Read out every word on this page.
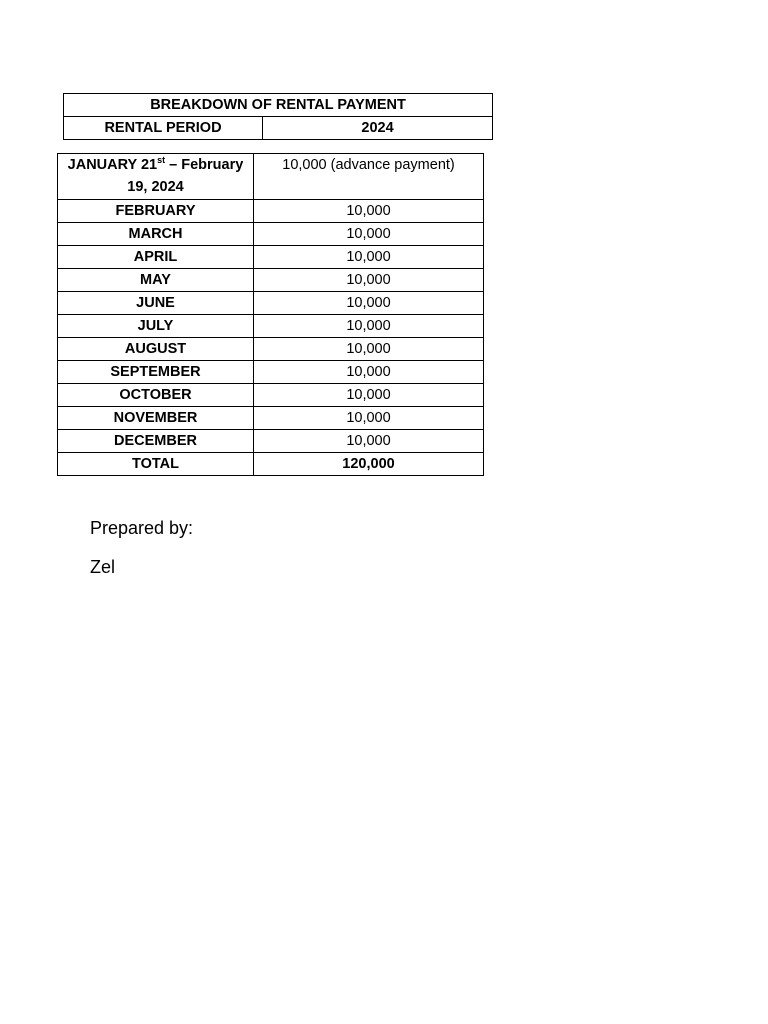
BREAKDOWN OF RENTAL PAYMENT
RENTAL PERIOD	2024
JANUARY 21st – February 19, 2024	10,000 (advance payment)
FEBRUARY	10,000
MARCH	10,000
APRIL	10,000
MAY	10,000
JUNE	10,000
JULY	10,000
AUGUST	10,000
SEPTEMBER	10,000
OCTOBER	10,000
NOVEMBER	10,000
DECEMBER	10,000
TOTAL	120,000
Prepared by:
Zel
